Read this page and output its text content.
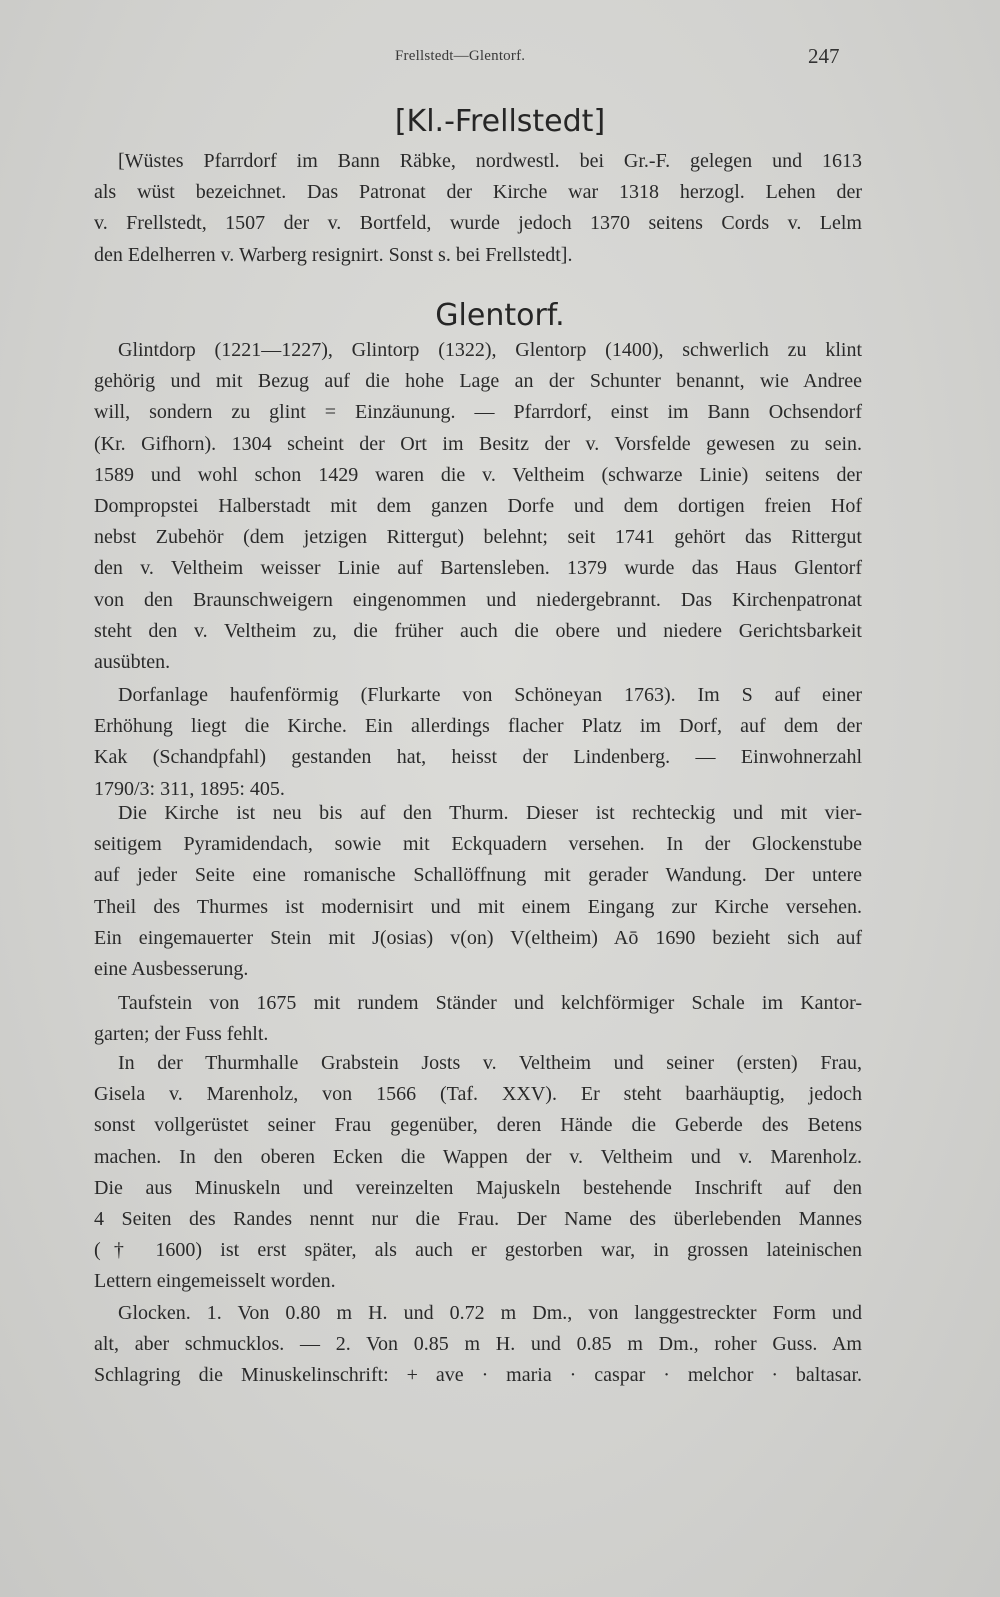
Frellstedt—Glentorf.	247
[Kl.-Frellstedt]
[Wüstes Pfarrdorf im Bann Räbke, nordwestl. bei Gr.-F. gelegen und 1613
als wüst bezeichnet. Das Patronat der Kirche war 1318 herzogl. Lehen der
v. Frellstedt, 1507 der v. Bortfeld, wurde jedoch 1370 seitens Cords v. Lelm
den Edelherren v. Warberg resignirt. Sonst s. bei Frellstedt].
Glentorf.
Glintdorp (1221—1227), Glintorp (1322), Glentorp (1400), schwerlich zu klint
gehörig und mit Bezug auf die hohe Lage an der Schunter benannt, wie Andree
will, sondern zu glint = Einzäunung. — Pfarrdorf, einst im Bann Ochsendorf
(Kr. Gifhorn). 1304 scheint der Ort im Besitz der v. Vorsfelde gewesen zu sein.
1589 und wohl schon 1429 waren die v. Veltheim (schwarze Linie) seitens der
Dompropstei Halberstadt mit dem ganzen Dorfe und dem dortigen freien Hof
nebst Zubehör (dem jetzigen Rittergut) belehnt; seit 1741 gehört das Rittergut
den v. Veltheim weisser Linie auf Bartensleben. 1379 wurde das Haus Glentorf
von den Braunschweigern eingenommen und niedergebrannt. Das Kirchenpatronat
steht den v. Veltheim zu, die früher auch die obere und niedere Gerichtsbarkeit
ausübten.
Dorfanlage haufenförmig (Flurkarte von Schöneyan 1763). Im S auf einer
Erhöhung liegt die Kirche. Ein allerdings flacher Platz im Dorf, auf dem der
Kak (Schandpfahl) gestanden hat, heisst der Lindenberg. — Einwohnerzahl
1790/3: 311, 1895: 405.
Die Kirche ist neu bis auf den Thurm. Dieser ist rechteckig und mit vier-
seitigem Pyramidendach, sowie mit Eckquadern versehen. In der Glockenstube
auf jeder Seite eine romanische Schallöffnung mit gerader Wandung. Der untere
Theil des Thurmes ist modernisirt und mit einem Eingang zur Kirche versehen.
Ein eingemauerter Stein mit J(osias) v(on) V(eltheim) Aō 1690 bezieht sich auf
eine Ausbesserung.
Taufstein von 1675 mit rundem Ständer und kelchförmiger Schale im Kantor-
garten; der Fuss fehlt.
In der Thurmhalle Grabstein Josts v. Veltheim und seiner (ersten) Frau,
Gisela v. Marenholz, von 1566 (Taf. XXV). Er steht baarhäuptig, jedoch
sonst vollgerüstet seiner Frau gegenüber, deren Hände die Geberde des Betens
machen. In den oberen Ecken die Wappen der v. Veltheim und v. Marenholz.
Die aus Minuskeln und vereinzelten Majuskeln bestehende Inschrift auf den
4 Seiten des Randes nennt nur die Frau. Der Name des überlebenden Mannes
(† 1600) ist erst später, als auch er gestorben war, in grossen lateinischen
Lettern eingemeisselt worden.
Glocken. 1. Von 0.80 m H. und 0.72 m Dm., von langgestreckter Form und
alt, aber schmucklos. — 2. Von 0.85 m H. und 0.85 m Dm., roher Guss. Am
Schlagring die Minuskelinschrift: + ave · maria · caspar · melchor · baltasar.
